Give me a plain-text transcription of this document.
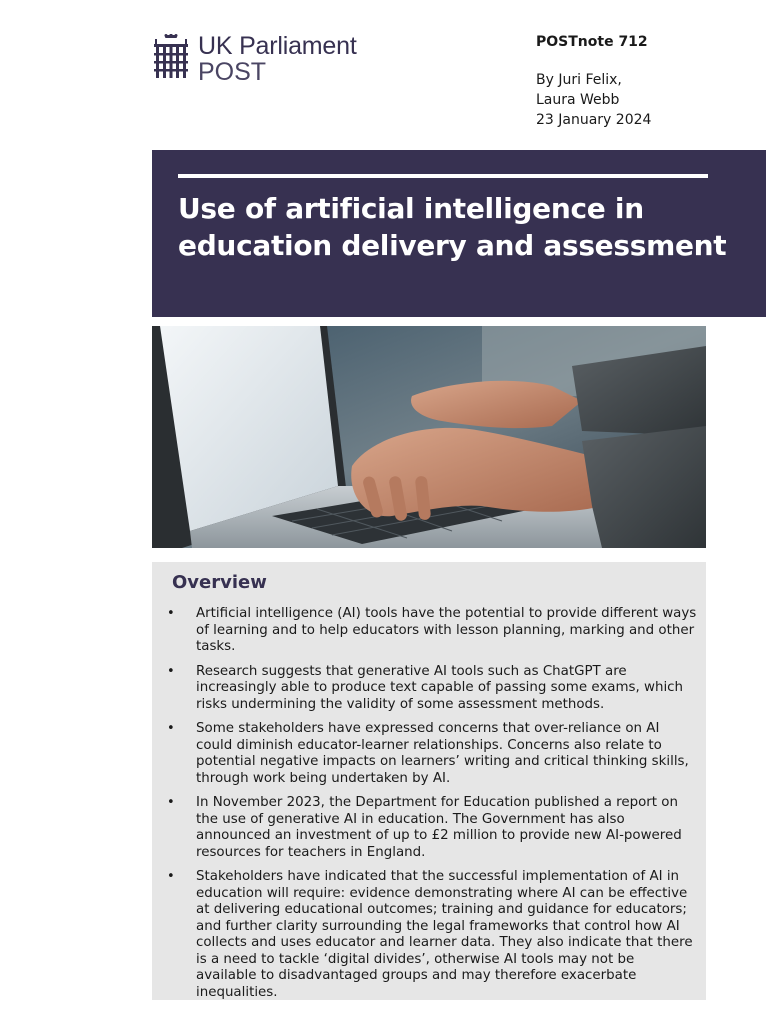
UK Parliament
POST
POSTnote 712
By Juri Felix,
Laura Webb
23 January 2024
Use of artificial intelligence in education delivery and assessment
Overview
• Artificial intelligence (AI) tools have the potential to provide different ways of learning and to help educators with lesson planning, marking and other tasks.
• Research suggests that generative AI tools such as ChatGPT are increasingly able to produce text capable of passing some exams, which risks undermining the validity of some assessment methods.
• Some stakeholders have expressed concerns that over-reliance on AI could diminish educator-learner relationships. Concerns also relate to potential negative impacts on learners’ writing and critical thinking skills, through work being undertaken by AI.
• In November 2023, the Department for Education published a report on the use of generative AI in education. The Government has also announced an investment of up to £2 million to provide new AI-powered resources for teachers in England.
• Stakeholders have indicated that the successful implementation of AI in education will require: evidence demonstrating where AI can be effective at delivering educational outcomes; training and guidance for educators; and further clarity surrounding the legal frameworks that control how AI collects and uses educator and learner data. They also indicate that there is a need to tackle ‘digital divides’, otherwise AI tools may not be available to disadvantaged groups and may therefore exacerbate inequalities.
